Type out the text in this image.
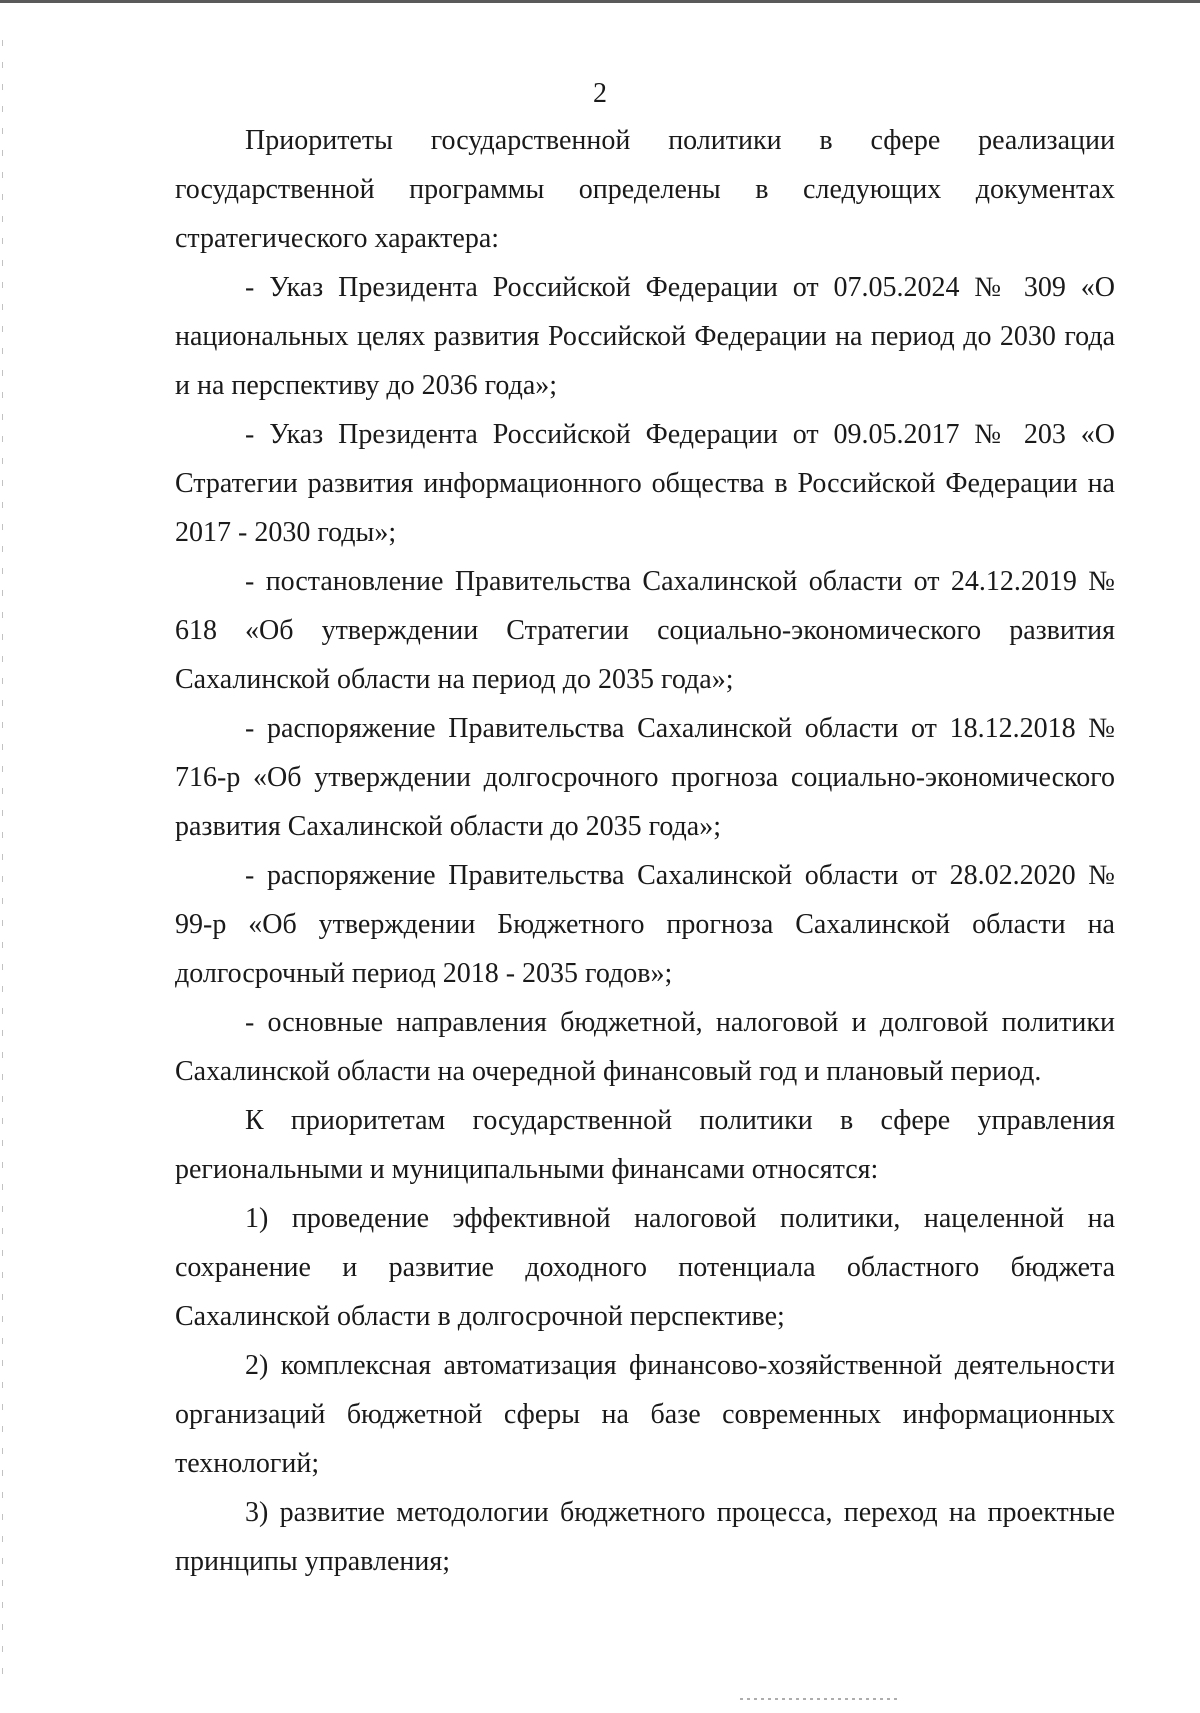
2

Приоритеты государственной политики в сфере реализации государственной программы определены в следующих документах стратегического характера:

- Указ Президента Российской Федерации от 07.05.2024 № 309 «О национальных целях развития Российской Федерации на период до 2030 года и на перспективу до 2036 года»;

- Указ Президента Российской Федерации от 09.05.2017 № 203 «О Стратегии развития информационного общества в Российской Федерации на 2017 - 2030 годы»;

- постановление Правительства Сахалинской области от 24.12.2019 № 618 «Об утверждении Стратегии социально-экономического развития Сахалинской области на период до 2035 года»;

- распоряжение Правительства Сахалинской области от 18.12.2018 № 716-р «Об утверждении долгосрочного прогноза социально-экономического развития Сахалинской области до 2035 года»;

- распоряжение Правительства Сахалинской области от 28.02.2020 № 99-р «Об утверждении Бюджетного прогноза Сахалинской области на долгосрочный период 2018 - 2035 годов»;

- основные направления бюджетной, налоговой и долговой политики Сахалинской области на очередной финансовый год и плановый период.

К приоритетам государственной политики в сфере управления региональными и муниципальными финансами относятся:

1) проведение эффективной налоговой политики, нацеленной на сохранение и развитие доходного потенциала областного бюджета Сахалинской области в долгосрочной перспективе;

2) комплексная автоматизация финансово-хозяйственной деятельности организаций бюджетной сферы на базе современных информационных технологий;

3) развитие методологии бюджетного процесса, переход на проектные принципы управления;
